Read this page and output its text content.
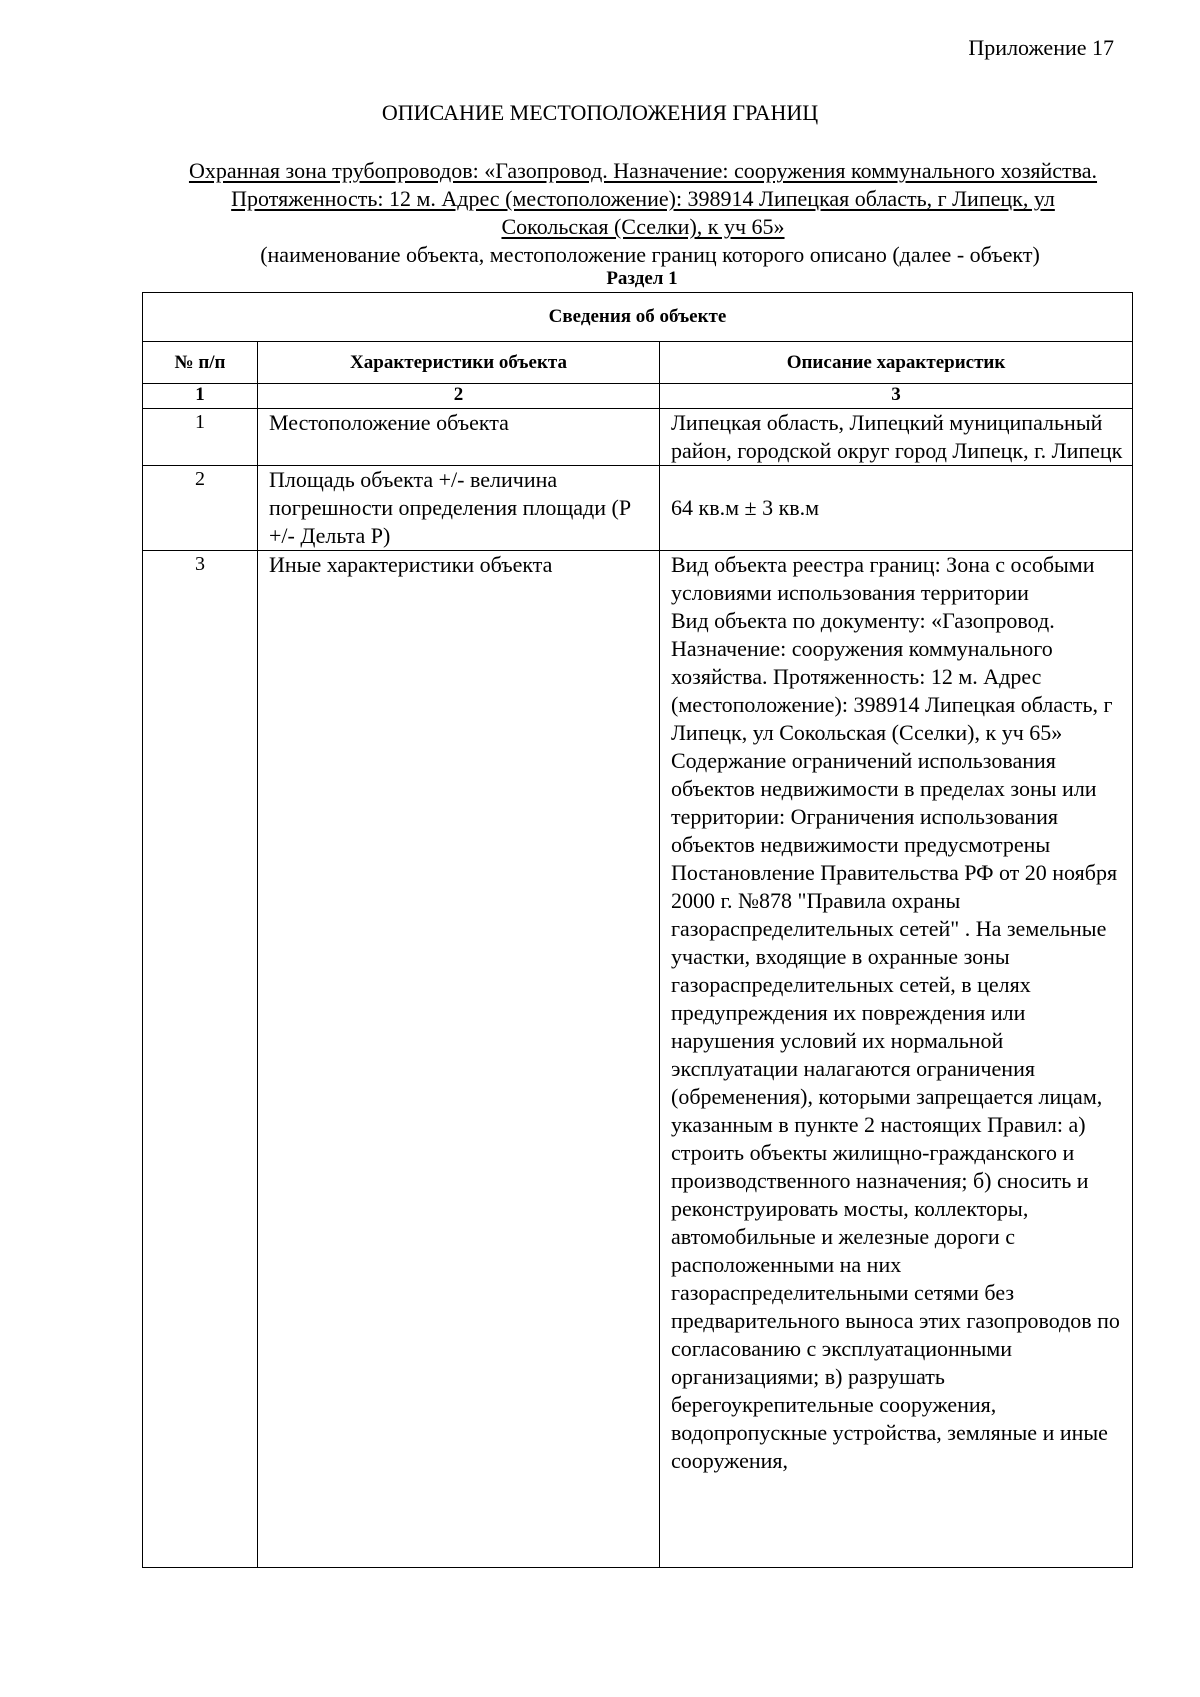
Приложение 17
ОПИСАНИЕ МЕСТОПОЛОЖЕНИЯ ГРАНИЦ
Охранная зона трубопроводов: «Газопровод. Назначение: сооружения коммунального хозяйства. Протяженность: 12 м. Адрес (местоположение): 398914 Липецкая область, г Липецк, ул Сокольская (Сселки), к уч 65»
(наименование объекта, местоположение границ которого описано (далее - объект)
Раздел 1
Сведения об объекте		
№ п/п	Характеристики объекта	Описание характеристик
1	2	3
1	Местоположение объекта	Липецкая область, Липецкий муниципальный район, городской округ город Липецк, г. Липецк

2	Площадь объекта +/- величина погрешности определения площади (Р +/- Дельта Р)	64 кв.м ± 3 кв.м

3	Иные характеристики объекта	Вид объекта реестра границ: Зона с особыми условиями использования территории
Вид объекта по документу: «Газопровод. Назначение: сооружения коммунального хозяйства. Протяженность: 12 м. Адрес (местоположение): 398914 Липецкая область, г Липецк, ул Сокольская (Сселки), к уч 65»
Содержание ограничений использования объектов недвижимости в пределах зоны или территории: Ограничения использования объектов недвижимости предусмотрены Постановление Правительства РФ от 20 ноября 2000 г. №878 "Правила охраны газораспределительных сетей" . На земельные участки, входящие в охранные зоны газораспределительных сетей, в целях предупреждения их повреждения или нарушения условий их нормальной эксплуатации налагаются ограничения (обременения), которыми запрещается лицам, указанным в пункте 2 настоящих Правил: а) строить объекты жилищно-гражданского и производственного назначения; б) сносить и реконструировать мосты, коллекторы, автомобильные и железные дороги с расположенными на них газораспределительными сетями без предварительного выноса этих газопроводов по согласованию с эксплуатационными организациями; в) разрушать берегоукрепительные сооружения, водопропускные устройства, земляные и иные сооружения,
